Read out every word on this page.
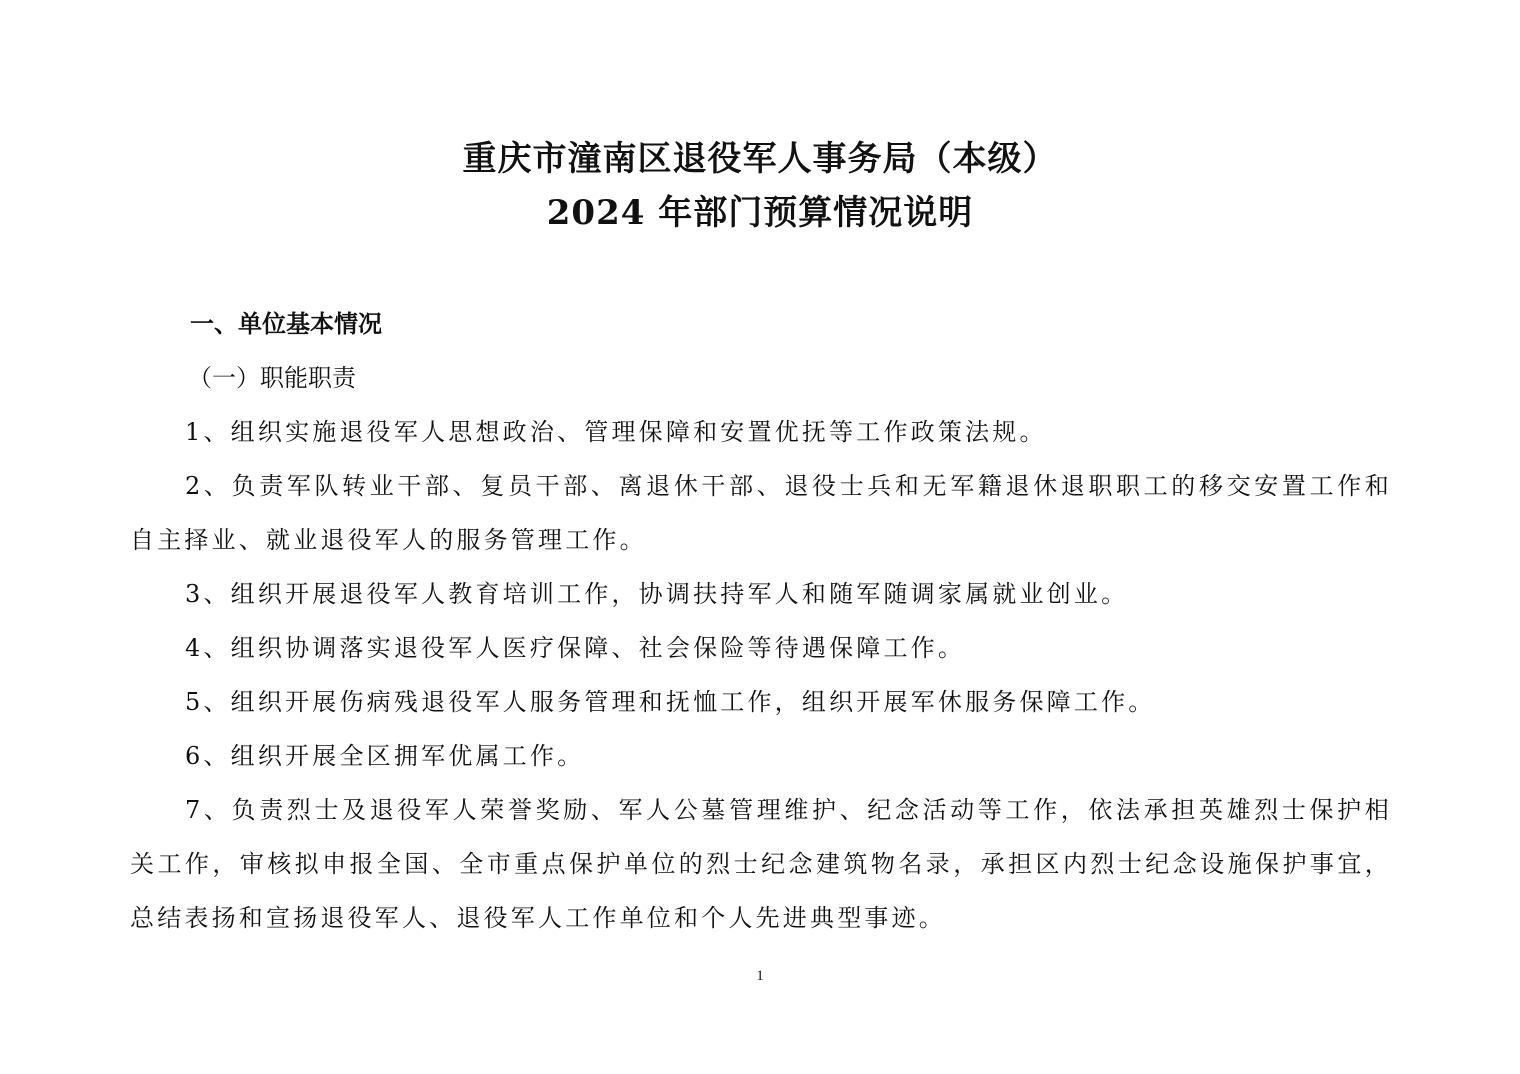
重庆市潼南区退役军人事务局（本级）
2024 年部门预算情况说明
一、单位基本情况
（一）职能职责

1、组织实施退役军人思想政治、管理保障和安置优抚等工作政策法规。

2、负责军队转业干部、复员干部、离退休干部、退役士兵和无军籍退休退职职工的移交安置工作和自主择业、就业退役军人的服务管理工作。

3、组织开展退役军人教育培训工作，协调扶持军人和随军随调家属就业创业。

4、组织协调落实退役军人医疗保障、社会保险等待遇保障工作。

5、组织开展伤病残退役军人服务管理和抚恤工作，组织开展军休服务保障工作。

6、组织开展全区拥军优属工作。

7、负责烈士及退役军人荣誉奖励、军人公墓管理维护、纪念活动等工作，依法承担英雄烈士保护相关工作，审核拟申报全国、全市重点保护单位的烈士纪念建筑物名录，承担区内烈士纪念设施保护事宜，总结表扬和宣扬退役军人、退役军人工作单位和个人先进典型事迹。

1
